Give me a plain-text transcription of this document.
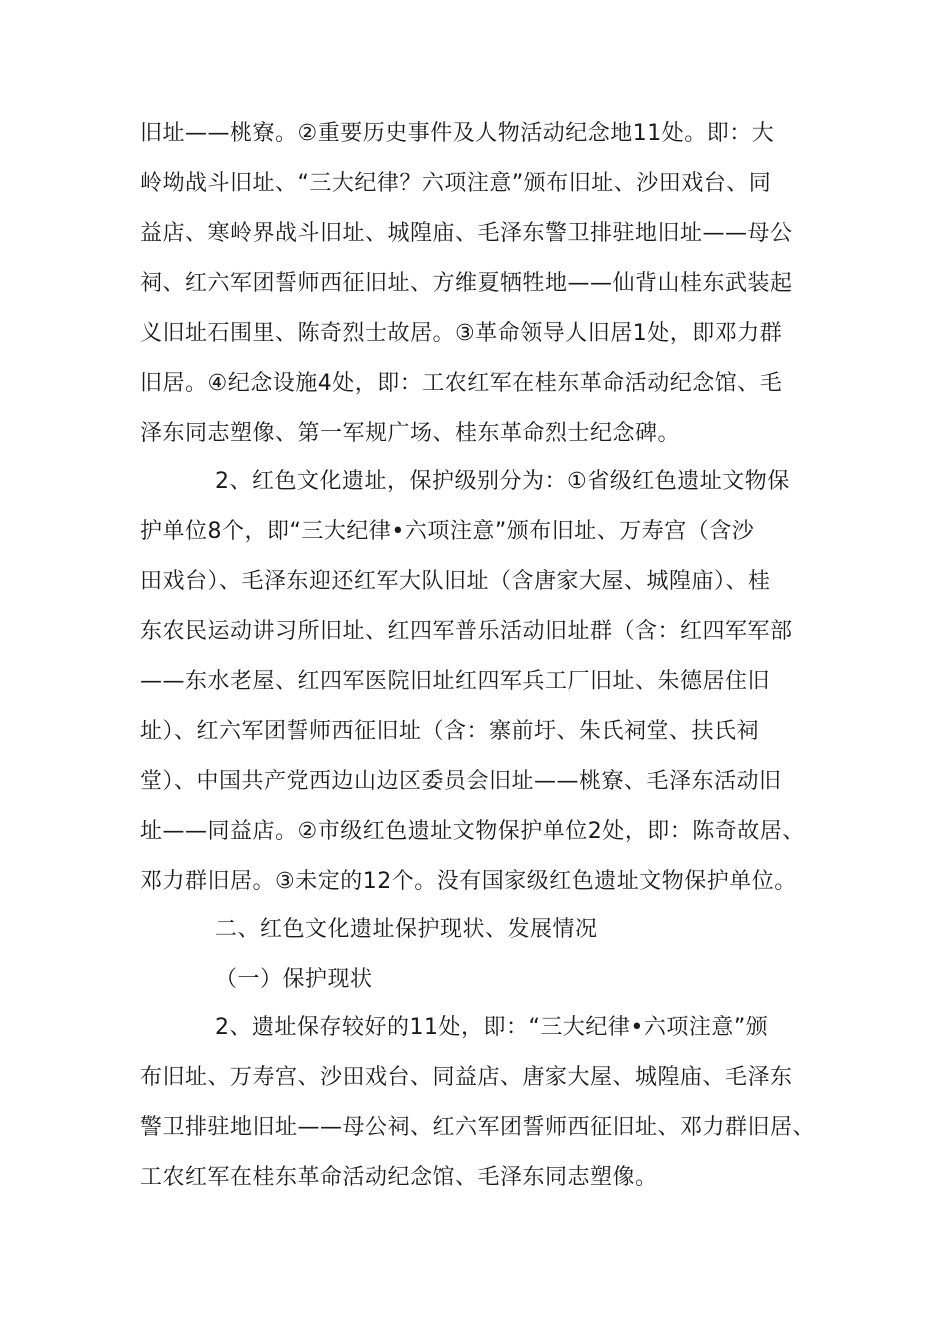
旧址——桃寮。②重要历史事件及人物活动纪念地11处。即：大
岭坳战斗旧址、“三大纪律？六项注意”颁布旧址、沙田戏台、同
益店、寒岭界战斗旧址、城隍庙、毛泽东警卫排驻地旧址——母公
祠、红六军团誓师西征旧址、方维夏牺牲地——仙背山桂东武装起
义旧址石围里、陈奇烈士故居。③革命领导人旧居1处，即邓力群
旧居。④纪念设施4处，即：工农红军在桂东革命活动纪念馆、毛
泽东同志塑像、第一军规广场、桂东革命烈士纪念碑。
2、红色文化遗址，保护级别分为：①省级红色遗址文物保
护单位8个，即“三大纪律•六项注意”颁布旧址、万寿宫（含沙
田戏台）、毛泽东迎还红军大队旧址（含唐家大屋、城隍庙）、桂
东农民运动讲习所旧址、红四军普乐活动旧址群（含：红四军军部
——东水老屋、红四军医院旧址红四军兵工厂旧址、朱德居住旧
址）、红六军团誓师西征旧址（含：寨前圩、朱氏祠堂、扶氏祠
堂）、中国共产党西边山边区委员会旧址——桃寮、毛泽东活动旧
址——同益店。②市级红色遗址文物保护单位2处，即：陈奇故居、
邓力群旧居。③未定的12个。没有国家级红色遗址文物保护单位。
二、红色文化遗址保护现状、发展情况
（一）保护现状
2、遗址保存较好的11处，即：“三大纪律•六项注意”颁
布旧址、万寿宫、沙田戏台、同益店、唐家大屋、城隍庙、毛泽东
警卫排驻地旧址——母公祠、红六军团誓师西征旧址、邓力群旧居、
工农红军在桂东革命活动纪念馆、毛泽东同志塑像。
